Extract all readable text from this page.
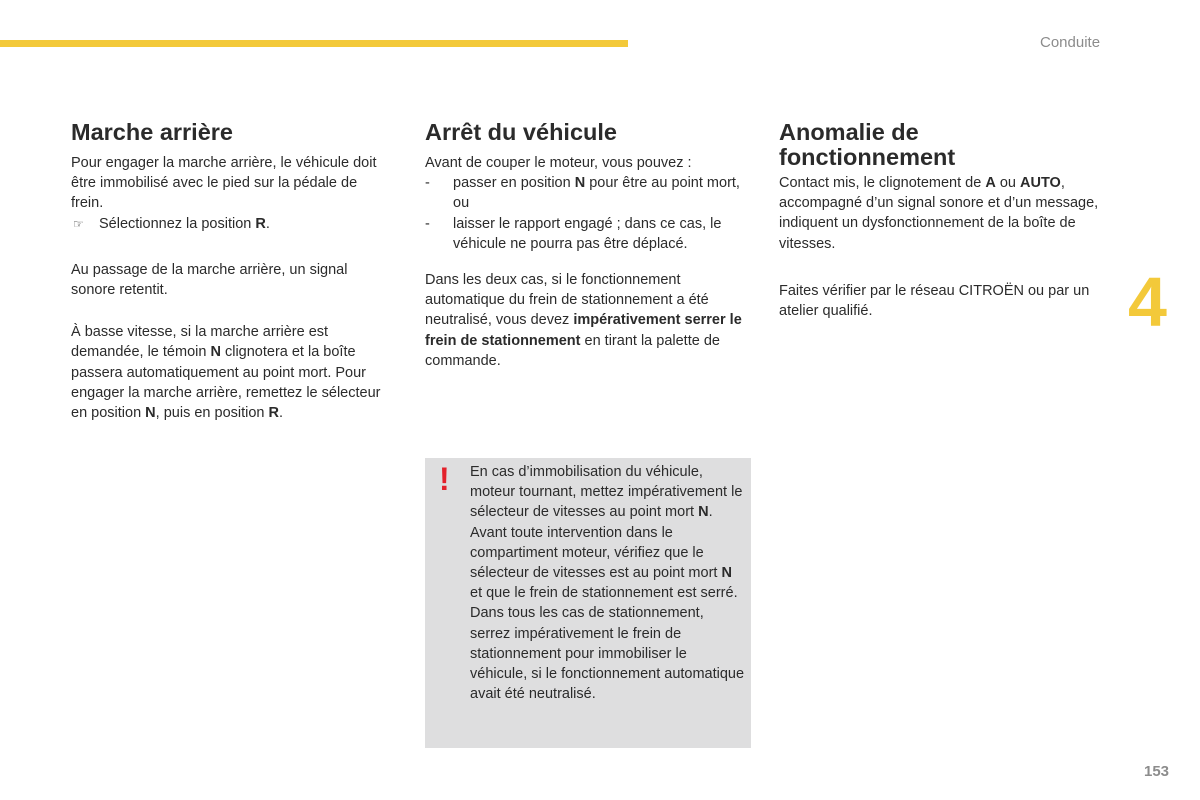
Conduite
Marche arrière

Pour engager la marche arrière, le véhicule doit être immobilisé avec le pied sur la pédale de frein.

☞	Sélectionnez la position R.

Au passage de la marche arrière, un signal sonore retentit.

À basse vitesse, si la marche arrière est demandée, le témoin N clignotera et la boîte passera automatiquement au point mort. Pour engager la marche arrière, remettez le sélecteur en position N, puis en position R.

Arrêt du véhicule

Avant de couper le moteur, vous pouvez :

-	passer en position N pour être au point mort,

ou

-	laisser le rapport engagé ; dans ce cas, le véhicule ne pourra pas être déplacé.

Dans les deux cas, si le fonctionnement automatique du frein de stationnement a été neutralisé, vous devez impérativement serrer le frein de stationnement en tirant la palette de commande.

Anomalie de
fonctionnement

Contact mis, le clignotement de A ou AUTO, accompagné d’un signal sonore et d’un message, indiquent un dysfonctionnement de la boîte de vitesses.

Faites vérifier par le réseau CITROËN ou par un atelier qualifié.

! En cas d’immobilisation du véhicule, moteur tournant, mettez impérativement le sélecteur de vitesses au point mort N.
Avant toute intervention dans le compartiment moteur, vérifiez que le sélecteur de vitesses est au point mort N et que le frein de stationnement est serré.
Dans tous les cas de stationnement, serrez impérativement le frein de stationnement pour immobiliser le véhicule, si le fonctionnement automatique avait été neutralisé.
4
153
